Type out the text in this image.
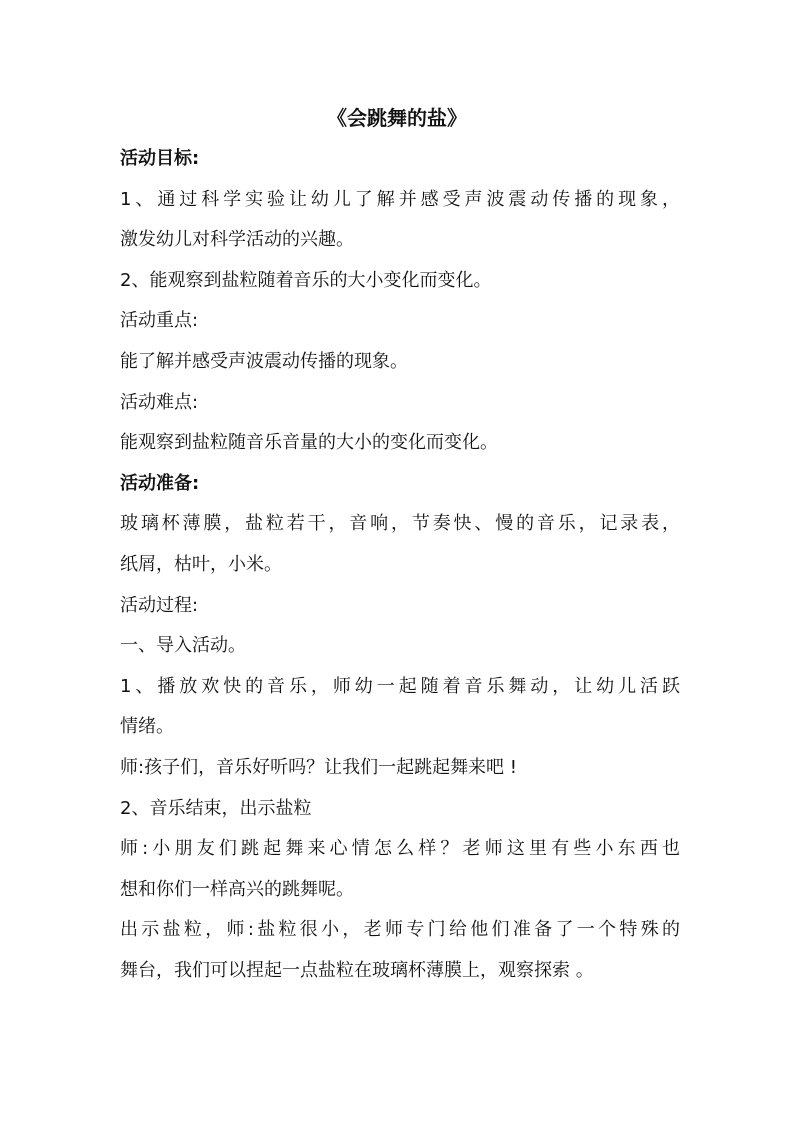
《会跳舞的盐》
活动目标:
1、通过科学实验让幼儿了解并感受声波震动传播的现象，
激发幼儿对科学活动的兴趣。
2、能观察到盐粒随着音乐的大小变化而变化。
活动重点:
能了解并感受声波震动传播的现象。
活动难点:
能观察到盐粒随音乐音量的大小的变化而变化。
活动准备:
玻璃杯薄膜，盐粒若干，音响，节奏快、慢的音乐，记录表，
纸屑，枯叶，小米。
活动过程:
一、导入活动。
1、播放欢快的音乐，师幼一起随着音乐舞动，让幼儿活跃
情绪。
师:孩子们，音乐好听吗？让我们一起跳起舞来吧 !
2、音乐结束，出示盐粒
师:小朋友们跳起舞来心情怎么样？老师这里有些小东西也
想和你们一样高兴的跳舞呢。
出示盐粒，师:盐粒很小，老师专门给他们准备了一个特殊的
舞台，我们可以捏起一点盐粒在玻璃杯薄膜上，观察探索 。
